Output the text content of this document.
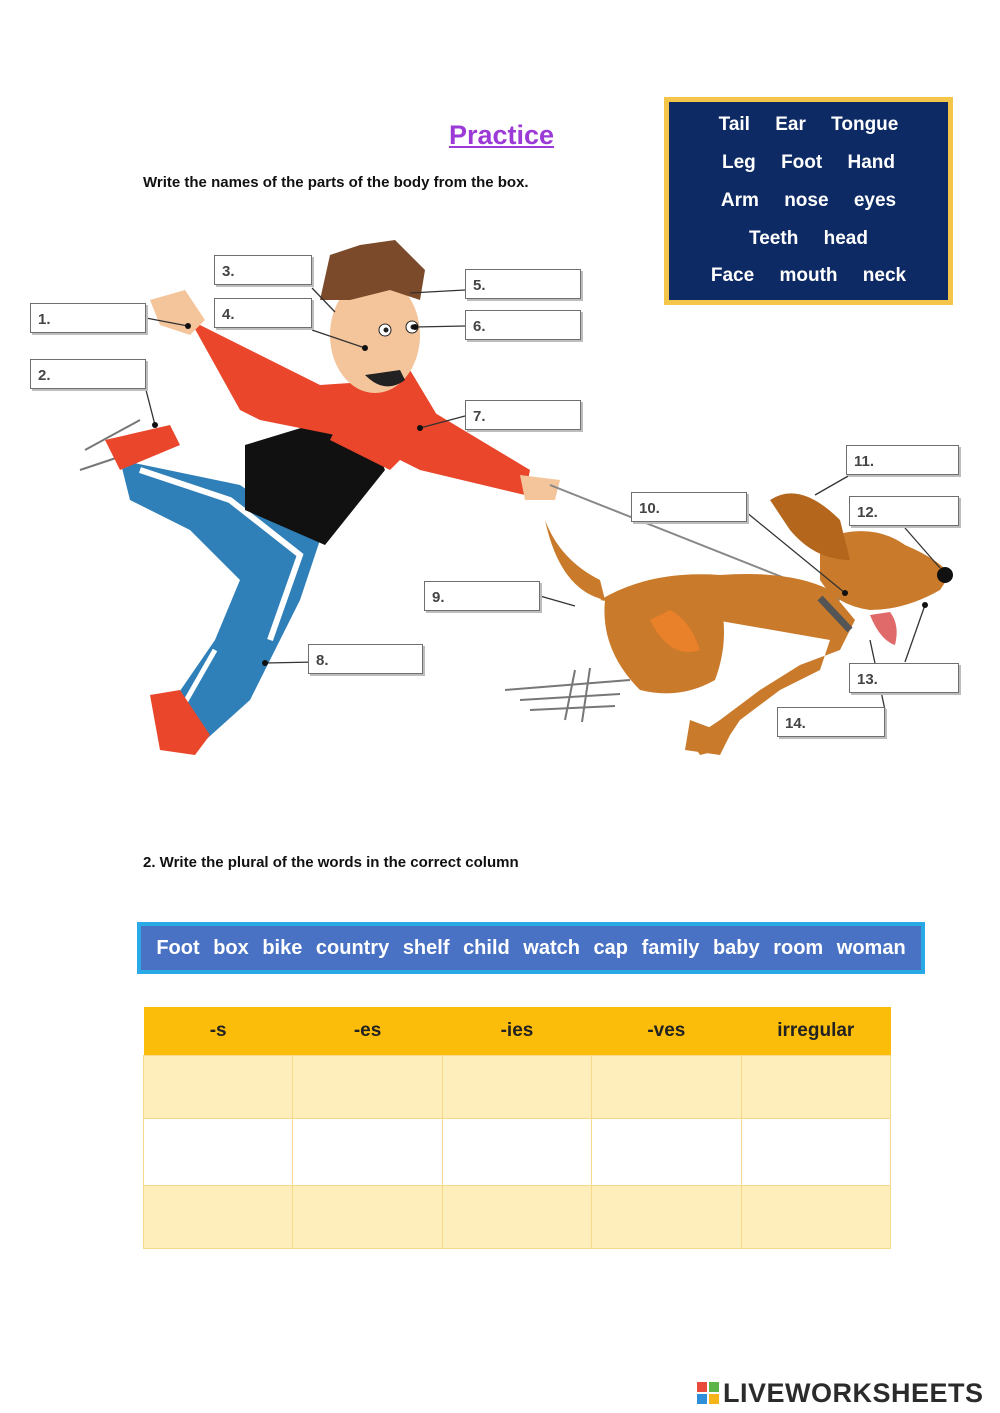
Practice
Write the names of the parts of the body from the box.
Tail Ear Tongue
Leg Foot Hand
Arm nose eyes
Teeth head
Face mouth neck
1.
2.
3.
4.
5.
6.
7.
8.
9.
10.
11.
12.
13.
14.
2. Write the plural of the words in the correct column
Foot box bike country shelf child watch cap family baby room woman
-s	-es	-ies	-ves	irregular

LIVEWORKSHEETS
